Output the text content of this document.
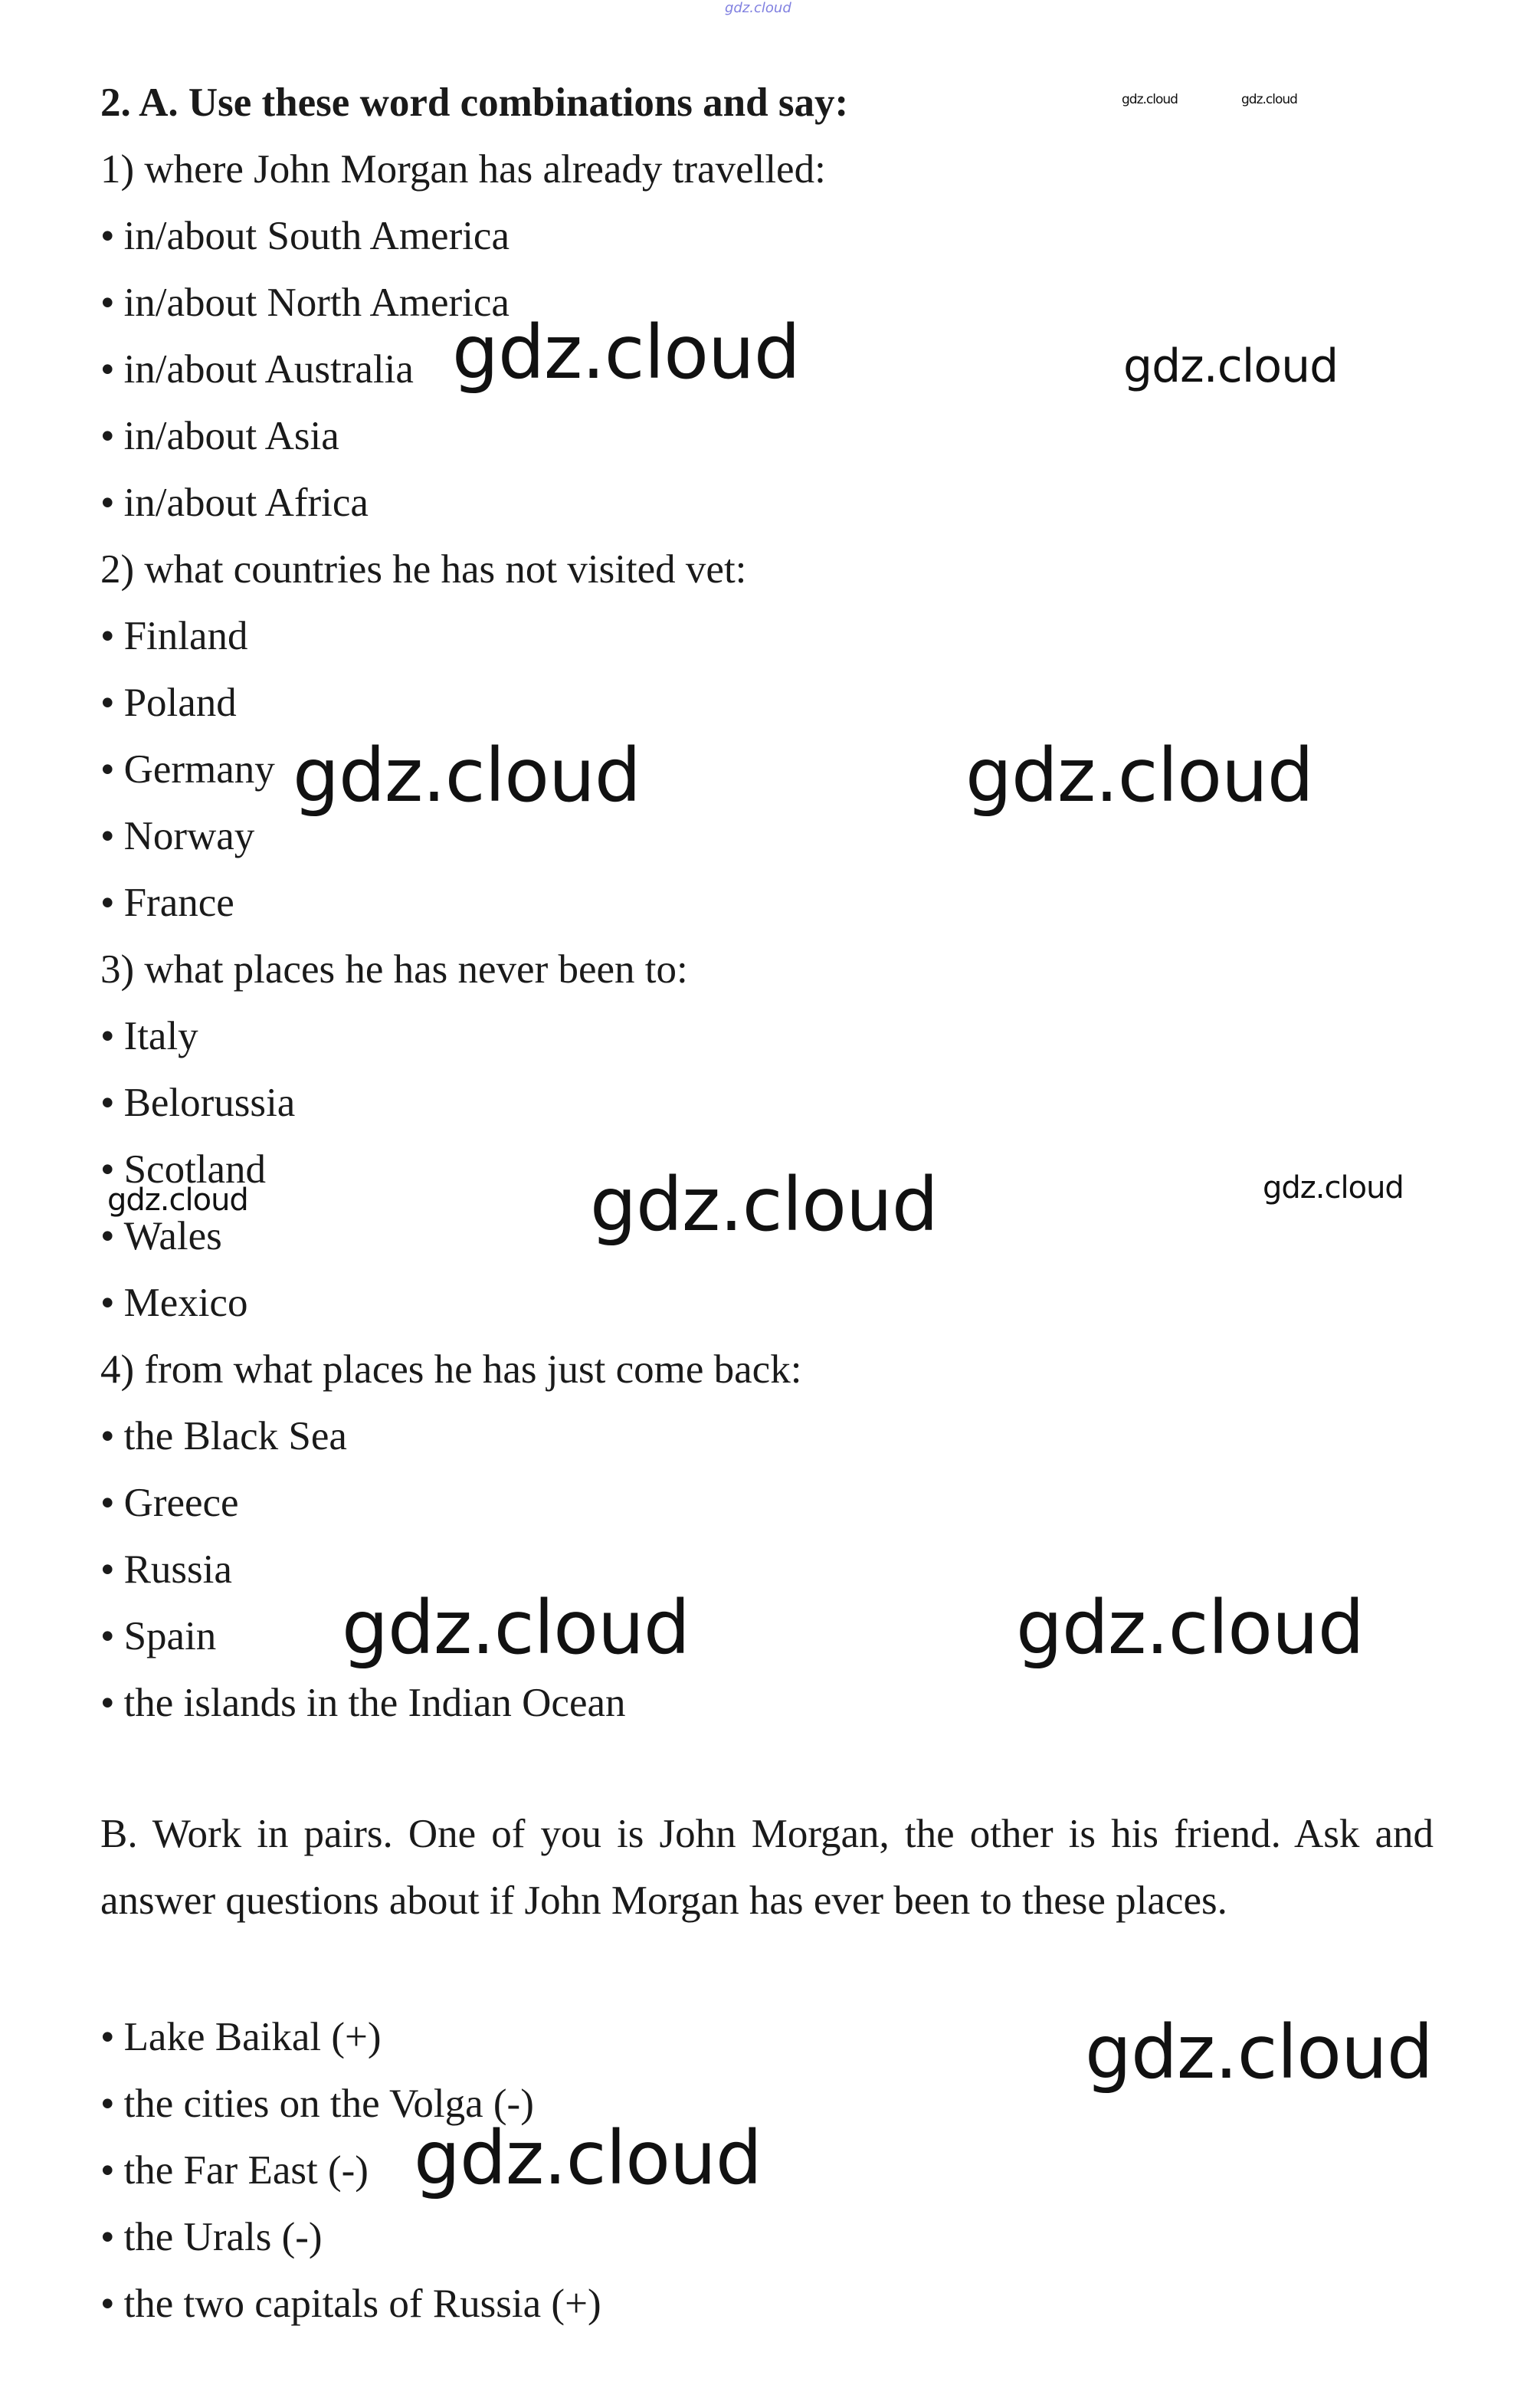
gdz.cloud
2. A. Use these word combinations and say:
1) where John Morgan has already travelled:
• in/about South America
• in/about North America
• in/about Australia
• in/about Asia
• in/about Africa
2) what countries he has not visited vet:
• Finland
• Poland
• Germany
• Norway
• France
3) what places he has never been to:
• Italy
• Belorussia
• Scotland
• Wales
• Mexico
4) from what places he has just come back:
• the Black Sea
• Greece
• Russia
• Spain
• the islands in the Indian Ocean
B. Work in pairs. One of you is John Morgan, the other is his friend. Ask and answer questions about if John Morgan has ever been to these places.
• Lake Baikal (+)
• the cities on the Volga (-)
• the Far East (-)
• the Urals (-)
• the two capitals of Russia (+)
gdz.cloud	gdz.cloud
gdz.cloud	gdz.cloud
gdz.cloud	gdz.cloud
gdz.cloud	gdz.cloud	gdz.cloud
gdz.cloud	gdz.cloud
gdz.cloud
gdz.cloud
